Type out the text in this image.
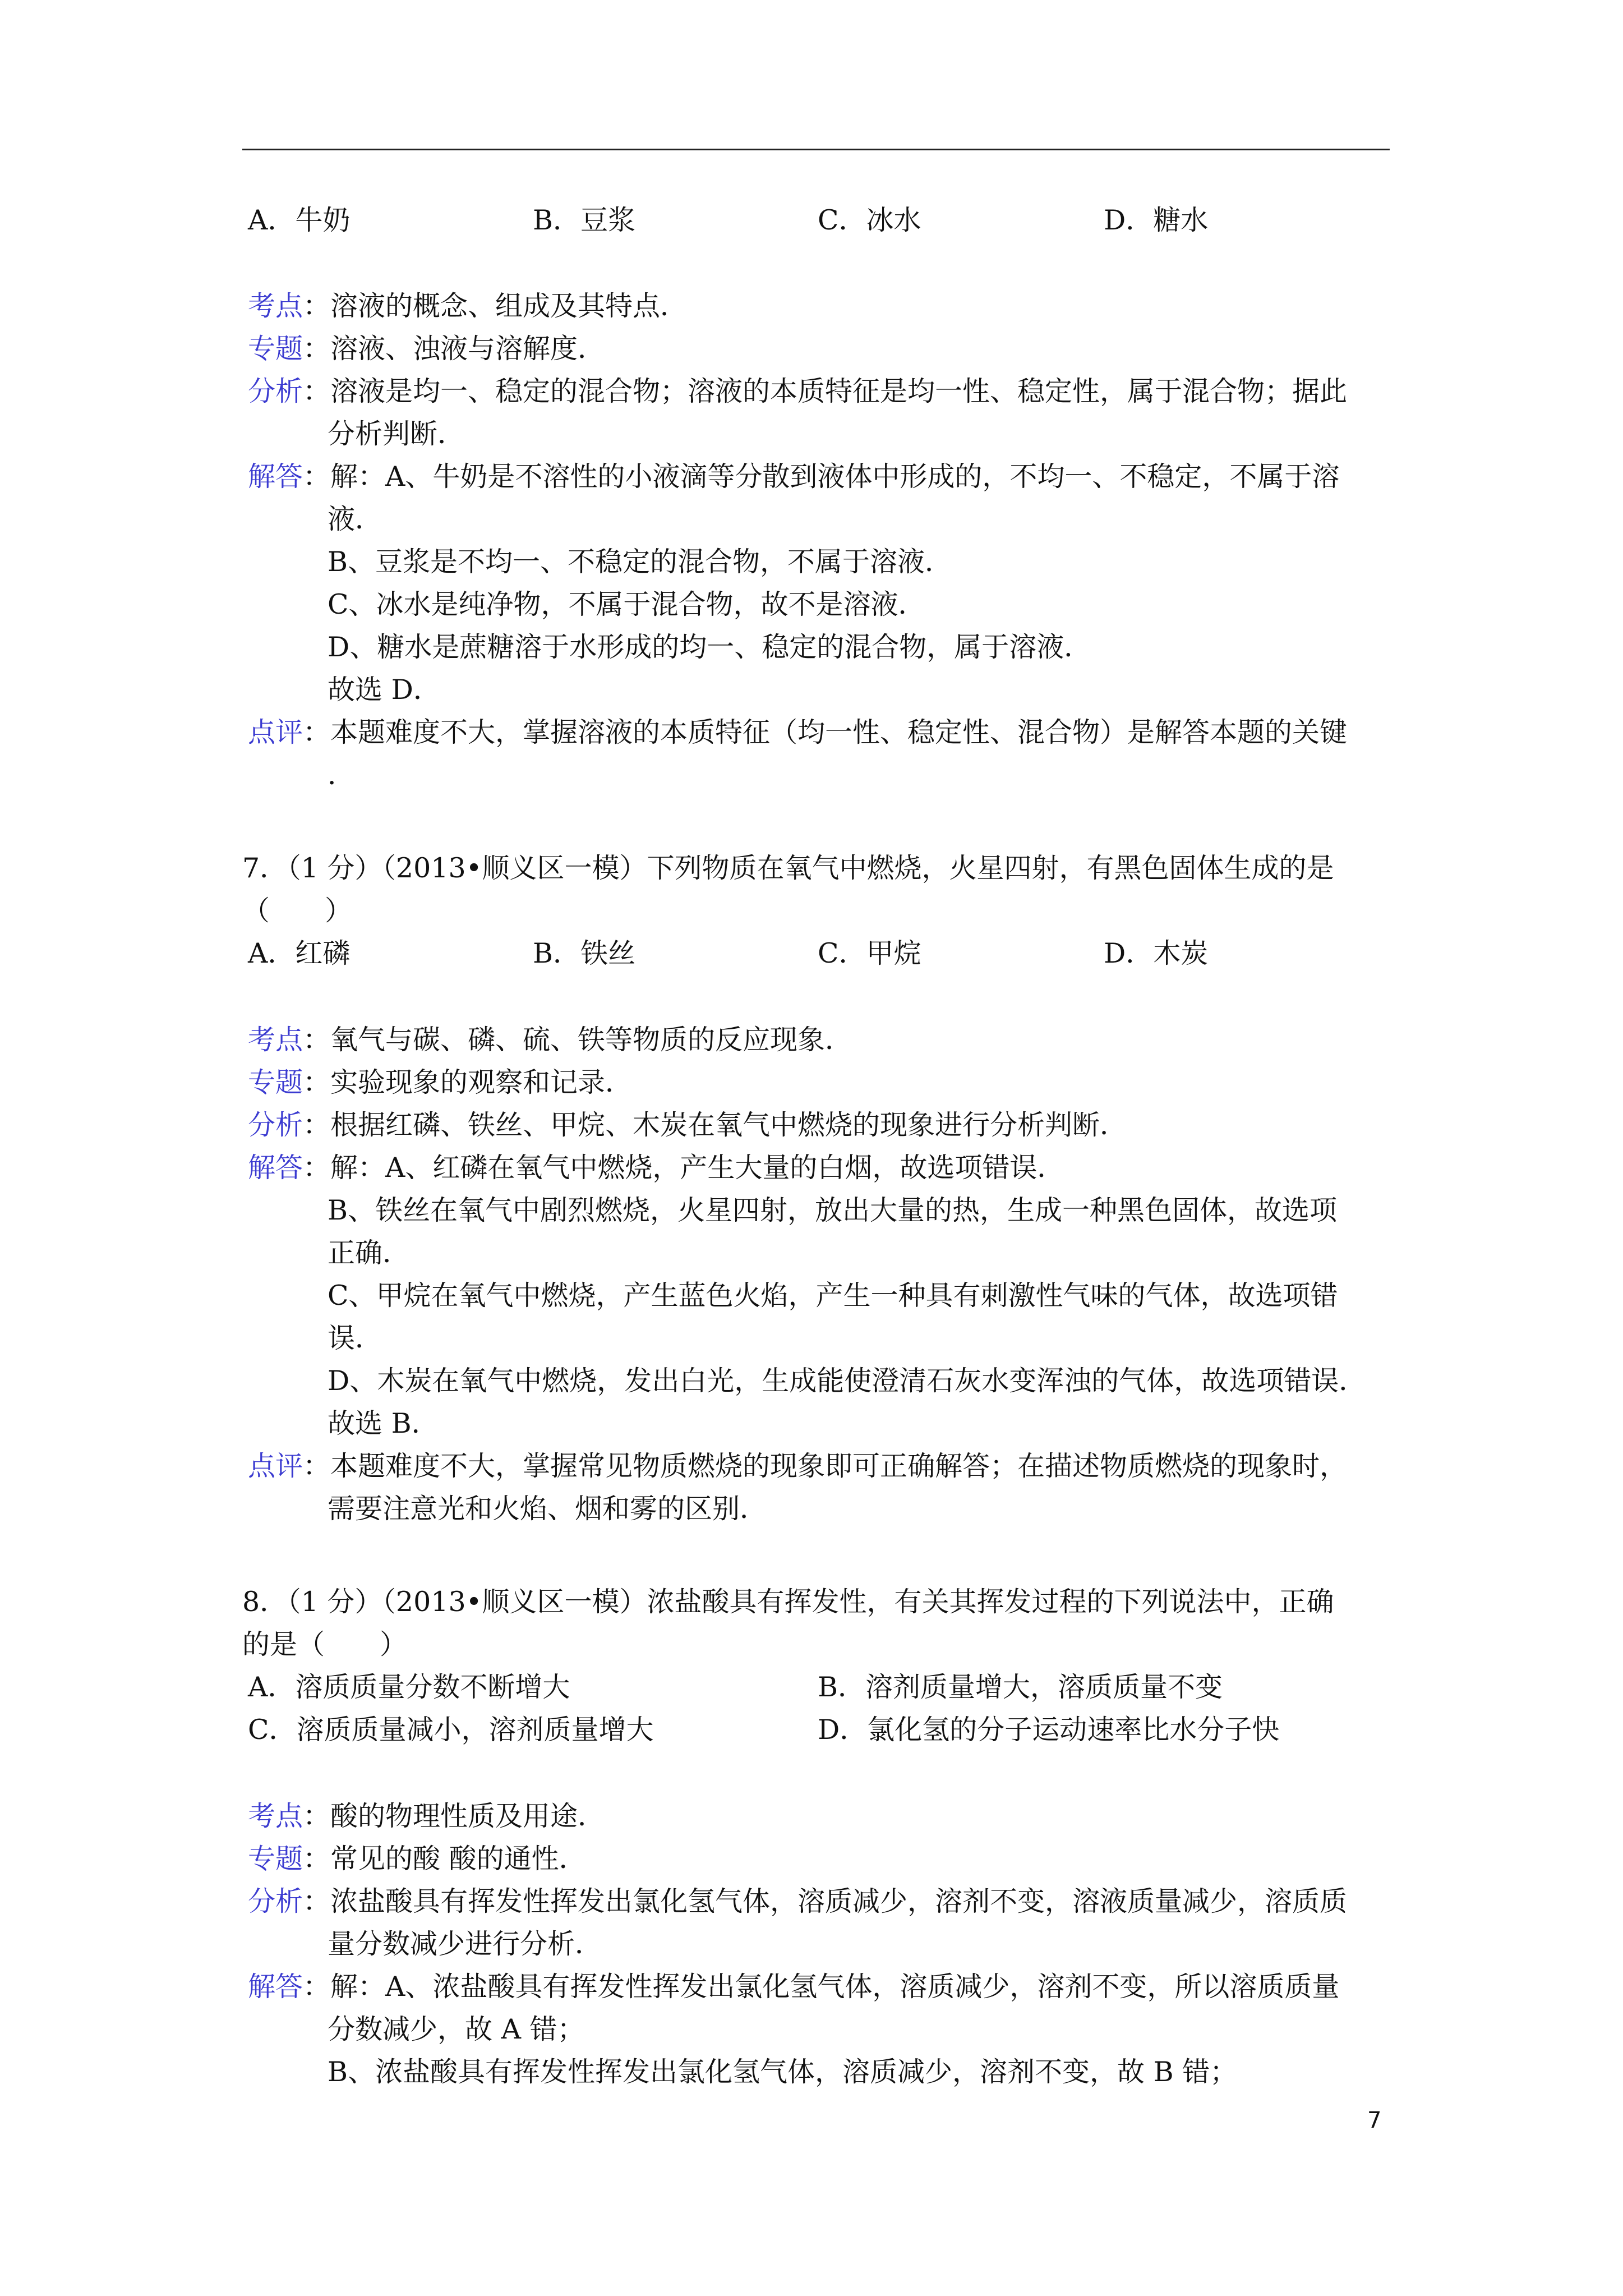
A．牛奶	B．豆浆	C．冰水	D．糖水
考点：溶液的概念、组成及其特点．
专题：溶液、浊液与溶解度．
分析：溶液是均一、稳定的混合物；溶液的本质特征是均一性、稳定性，属于混合物；据此
分析判断．
解答：解：A、牛奶是不溶性的小液滴等分散到液体中形成的，不均一、不稳定，不属于溶
液．
B、豆浆是不均一、不稳定的混合物，不属于溶液．
C、冰水是纯净物，不属于混合物，故不是溶液．
D、糖水是蔗糖溶于水形成的均一、稳定的混合物，属于溶液．
故选 D．
点评：本题难度不大，掌握溶液的本质特征（均一性、稳定性、混合物）是解答本题的关键
．
7．（1 分）（2013•顺义区一模）下列物质在氧气中燃烧，火星四射，有黑色固体生成的是
（　　）
A．红磷	B．铁丝	C．甲烷	D．木炭
考点：氧气与碳、磷、硫、铁等物质的反应现象．
专题：实验现象的观察和记录．
分析：根据红磷、铁丝、甲烷、木炭在氧气中燃烧的现象进行分析判断．
解答：解：A、红磷在氧气中燃烧，产生大量的白烟，故选项错误．
B、铁丝在氧气中剧烈燃烧，火星四射，放出大量的热，生成一种黑色固体，故选项
正确．
C、甲烷在氧气中燃烧，产生蓝色火焰，产生一种具有刺激性气味的气体，故选项错
误．
D、木炭在氧气中燃烧，发出白光，生成能使澄清石灰水变浑浊的气体，故选项错误．
故选 B．
点评：本题难度不大，掌握常见物质燃烧的现象即可正确解答；在描述物质燃烧的现象时，
需要注意光和火焰、烟和雾的区别．
8．（1 分）（2013•顺义区一模）浓盐酸具有挥发性，有关其挥发过程的下列说法中，正确
的是（　　）
A．溶质质量分数不断增大	B．溶剂质量增大，溶质质量不变
C．溶质质量减小，溶剂质量增大	D．氯化氢的分子运动速率比水分子快
考点：酸的物理性质及用途．
专题：常见的酸 酸的通性．
分析：浓盐酸具有挥发性挥发出氯化氢气体，溶质减少，溶剂不变，溶液质量减少，溶质质
量分数减少进行分析．
解答：解：A、浓盐酸具有挥发性挥发出氯化氢气体，溶质减少，溶剂不变，所以溶质质量
分数减少，故 A 错；
B、浓盐酸具有挥发性挥发出氯化氢气体，溶质减少，溶剂不变，故 B 错；
7
